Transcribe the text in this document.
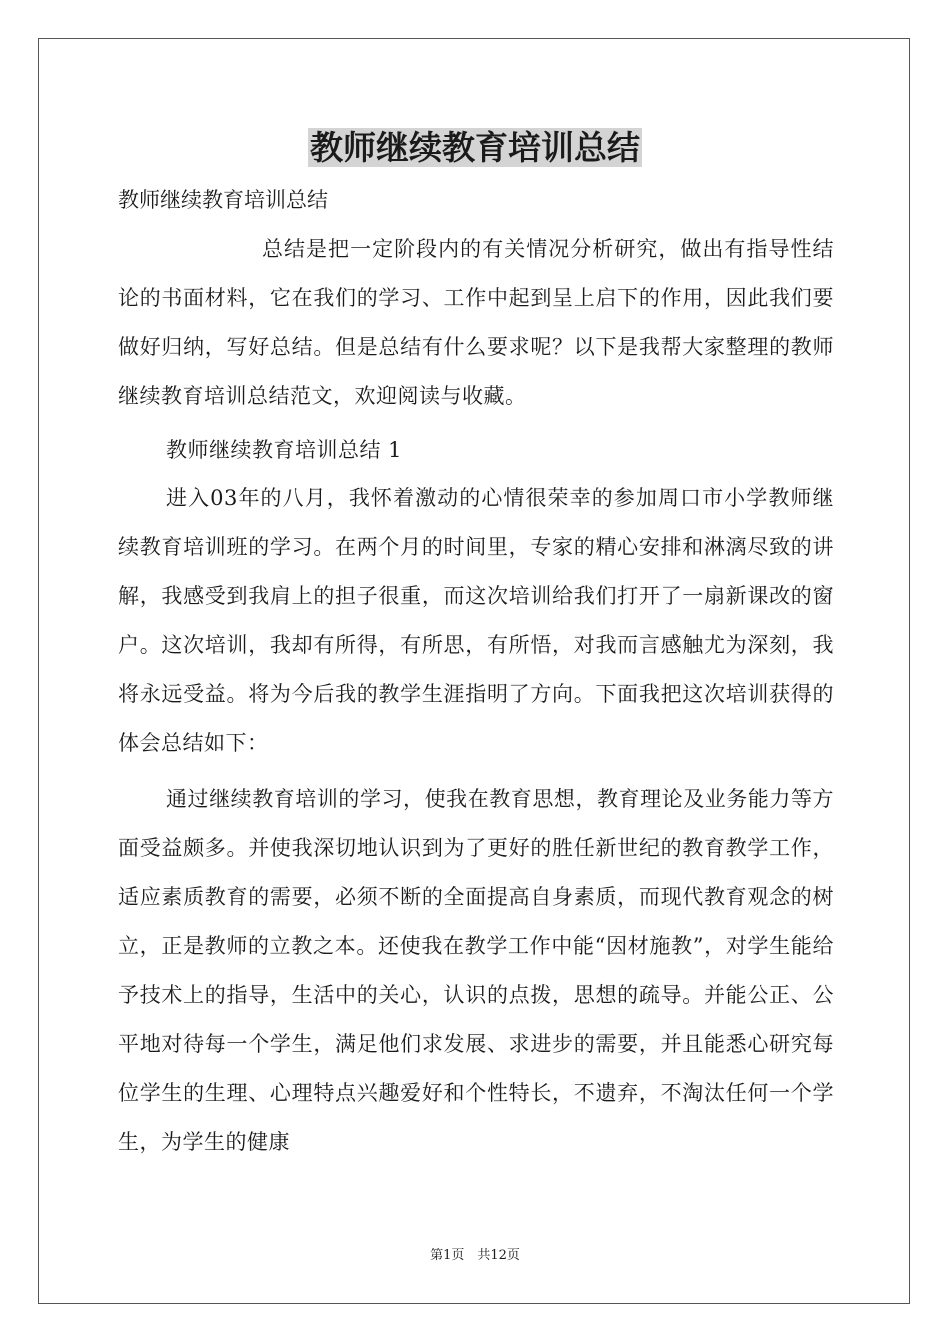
教师继续教育培训总结

教师继续教育培训总结

总结是把一定阶段内的有关情况分析研究，做出有指导性结论的书面材料，它在我们的学习、工作中起到呈上启下的作用，因此我们要做好归纳，写好总结。但是总结有什么要求呢？以下是我帮大家整理的教师继续教育培训总结范文，欢迎阅读与收藏。

教师继续教育培训总结 1

进入03年的八月，我怀着激动的心情很荣幸的参加周口市小学教师继续教育培训班的学习。在两个月的时间里，专家的精心安排和淋漓尽致的讲解，我感受到我肩上的担子很重，而这次培训给我们打开了一扇新课改的窗户。这次培训，我却有所得，有所思，有所悟，对我而言感触尤为深刻，我将永远受益。将为今后我的教学生涯指明了方向。下面我把这次培训获得的体会总结如下：

通过继续教育培训的学习，使我在教育思想，教育理论及业务能力等方面受益颇多。并使我深切地认识到为了更好的胜任新世纪的教育教学工作，适应素质教育的需要，必须不断的全面提高自身素质，而现代教育观念的树立，正是教师的立教之本。还使我在教学工作中能“因材施教”，对学生能给予技术上的指导，生活中的关心，认识的点拨，思想的疏导。并能公正、公平地对待每一个学生，满足他们求发展、求进步的需要，并且能悉心研究每位学生的生理、心理特点兴趣爱好和个性特长，不遗弃，不淘汰任何一个学生，为学生的健康

第1页　共12页
